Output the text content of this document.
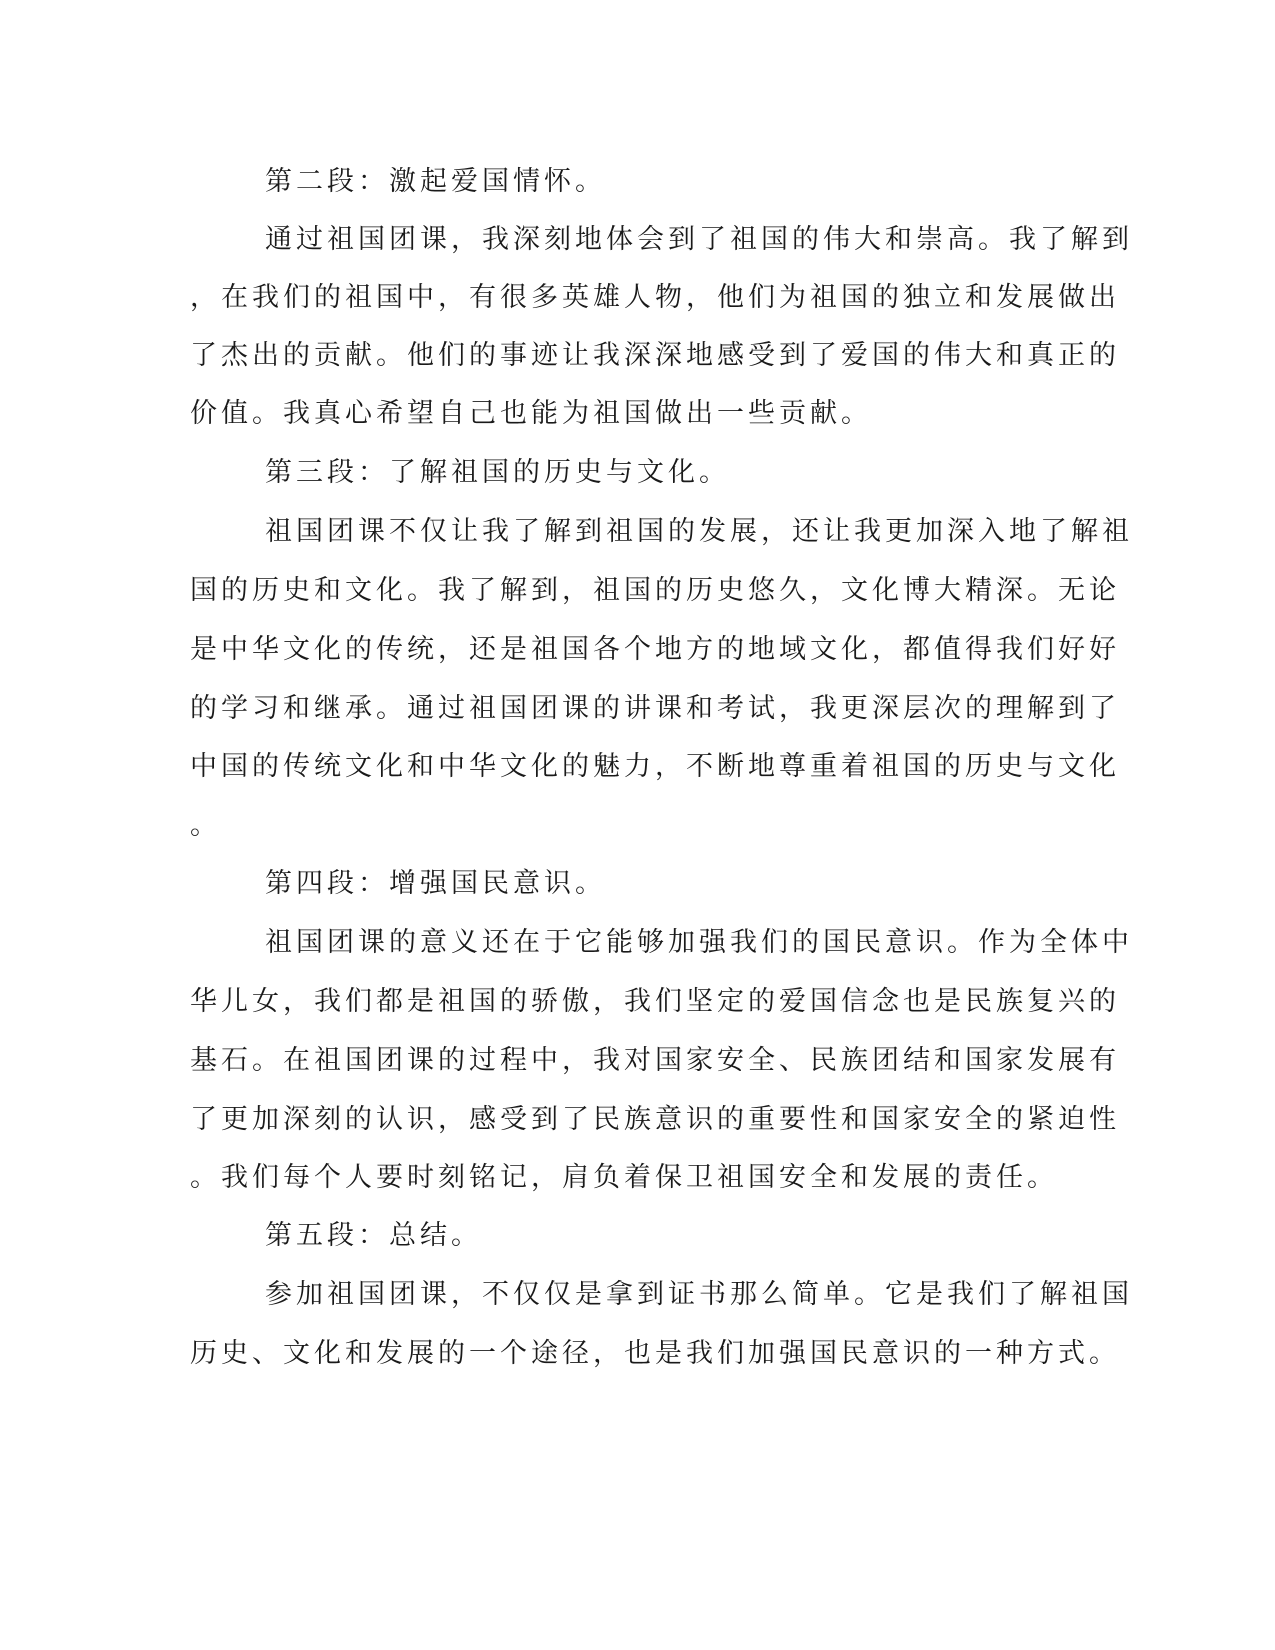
第二段：激起爱国情怀。
通过祖国团课，我深刻地体会到了祖国的伟大和崇高。我了解到
，在我们的祖国中，有很多英雄人物，他们为祖国的独立和发展做出
了杰出的贡献。他们的事迹让我深深地感受到了爱国的伟大和真正的
价值。我真心希望自己也能为祖国做出一些贡献。
第三段：了解祖国的历史与文化。
祖国团课不仅让我了解到祖国的发展，还让我更加深入地了解祖
国的历史和文化。我了解到，祖国的历史悠久，文化博大精深。无论
是中华文化的传统，还是祖国各个地方的地域文化，都值得我们好好
的学习和继承。通过祖国团课的讲课和考试，我更深层次的理解到了
中国的传统文化和中华文化的魅力，不断地尊重着祖国的历史与文化
。
第四段：增强国民意识。
祖国团课的意义还在于它能够加强我们的国民意识。作为全体中
华儿女，我们都是祖国的骄傲，我们坚定的爱国信念也是民族复兴的
基石。在祖国团课的过程中，我对国家安全、民族团结和国家发展有
了更加深刻的认识，感受到了民族意识的重要性和国家安全的紧迫性
。我们每个人要时刻铭记，肩负着保卫祖国安全和发展的责任。
第五段：总结。
参加祖国团课，不仅仅是拿到证书那么简单。它是我们了解祖国
历史、文化和发展的一个途径，也是我们加强国民意识的一种方式。
